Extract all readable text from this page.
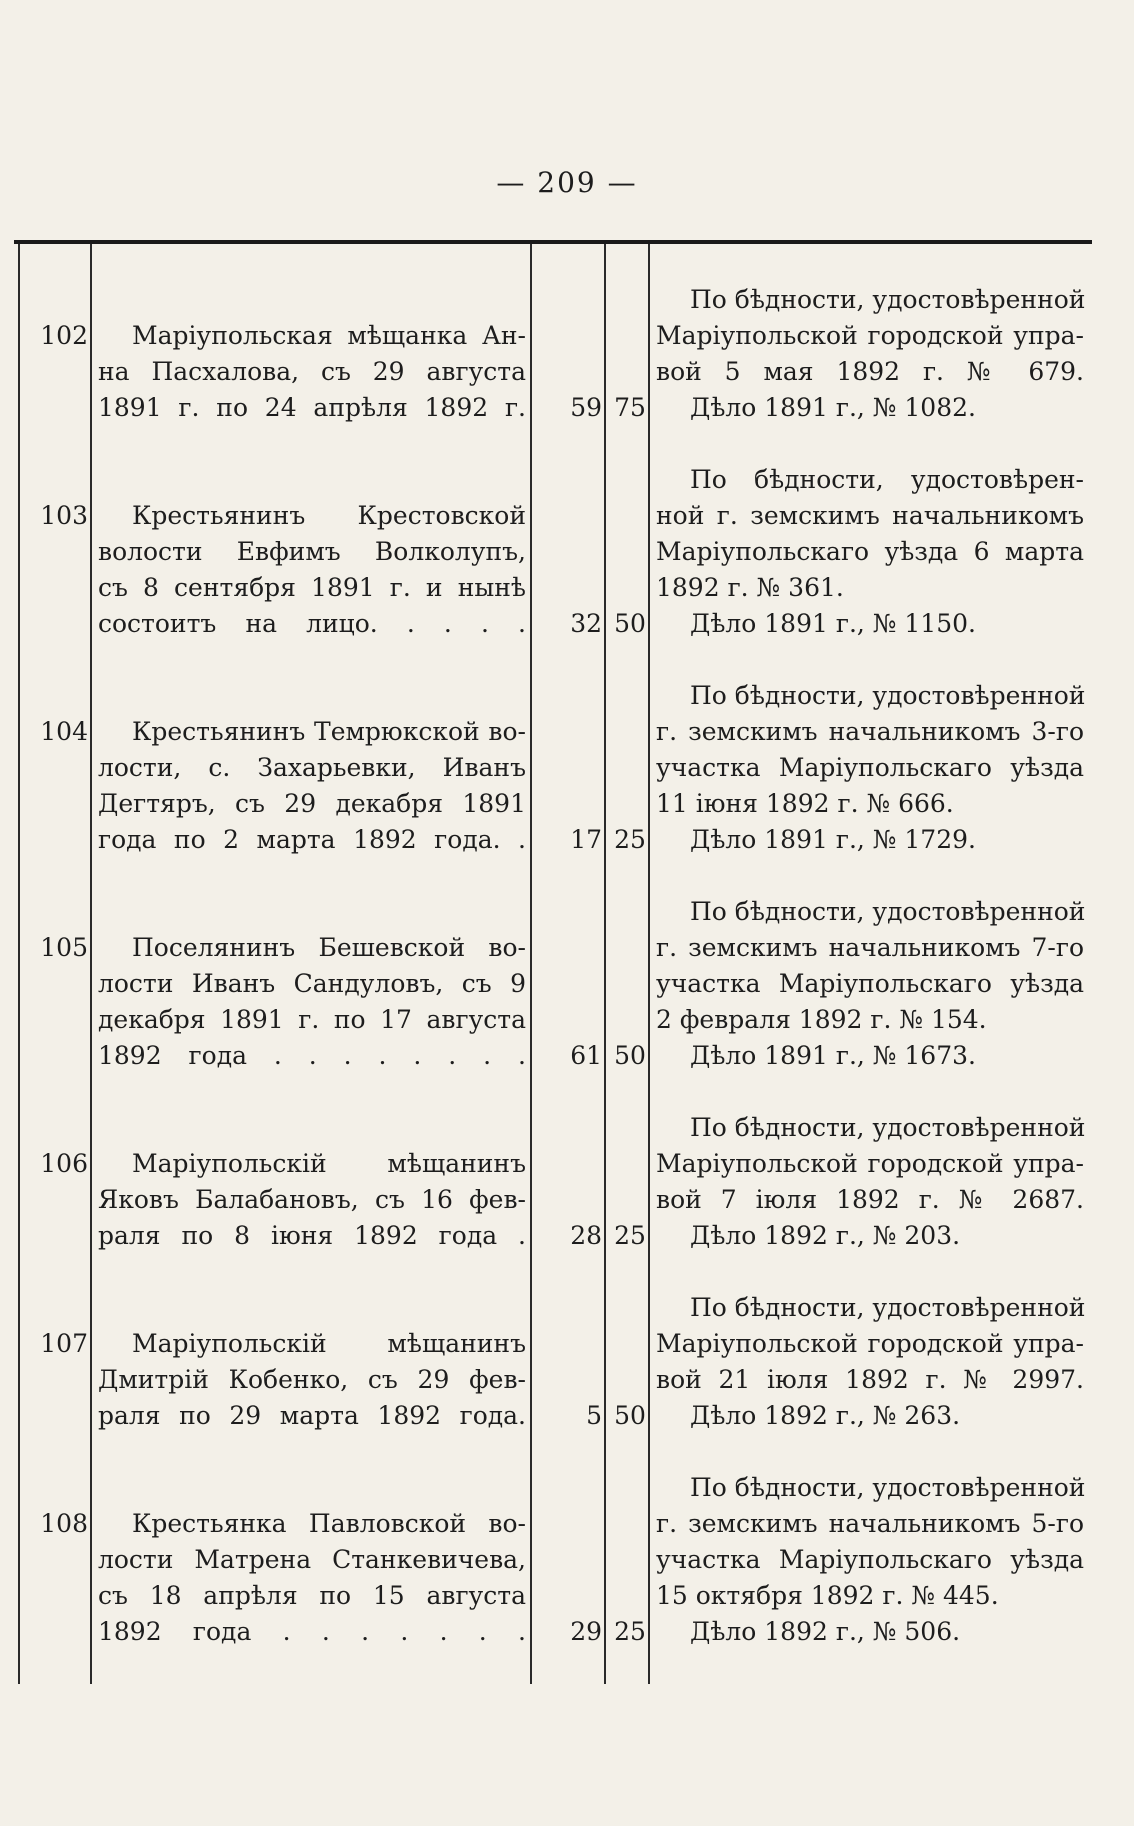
— 209 —
102	Маріупольская мѣщанка Ан-
на Пасхалова, съ 29 августа
1891 г. по 24 апрѣля 1892 г.	59 75
По бѣдности, удостовѣренной
Маріупольской городской упра-
вой 5 мая 1892 г. № 679.
Дѣло 1891 г., № 1082.
103	Крестьянинъ Крестовской
волости Евфимъ Волколупъ,
съ 8 сентября 1891 г. и нынѣ
состоитъ на лицо. . . . .	32 50
По бѣдности, удостовѣрен-
ной г. земскимъ начальникомъ
Маріупольскаго уѣзда 6 марта
1892 г. № 361.
Дѣло 1891 г., № 1150.
104	Крестьянинъ Темрюкской во-
лости, с. Захарьевки, Иванъ
Дегтяръ, съ 29 декабря 1891
года по 2 марта 1892 года. .	17 25
По бѣдности, удостовѣренной
г. земскимъ начальникомъ 3-го
участка Маріупольскаго уѣзда
11 іюня 1892 г. № 666.
Дѣло 1891 г., № 1729.
105	Поселянинъ Бешевской во-
лости Иванъ Сандуловъ, съ 9
декабря 1891 г. по 17 августа
1892 года . . . . . . . .	61 50
По бѣдности, удостовѣренной
г. земскимъ начальникомъ 7-го
участка Маріупольскаго уѣзда
2 февраля 1892 г. № 154.
Дѣло 1891 г., № 1673.
106	Маріупольскій мѣщанинъ
Яковъ Балабановъ, съ 16 фев-
раля по 8 іюня 1892 года .	28 25
По бѣдности, удостовѣренной
Маріупольской городской упра-
вой 7 іюля 1892 г. № 2687.
Дѣло 1892 г., № 203.
107	Маріупольскій мѣщанинъ
Дмитрій Кобенко, съ 29 фев-
раля по 29 марта 1892 года.	5 50
По бѣдности, удостовѣренной
Маріупольской городской упра-
вой 21 іюля 1892 г. № 2997.
Дѣло 1892 г., № 263.
108	Крестьянка Павловской во-
лости Матрена Станкевичева,
съ 18 апрѣля по 15 августа
1892 года . . . . . . .	29 25
По бѣдности, удостовѣренной
г. земскимъ начальникомъ 5-го
участка Маріупольскаго уѣзда
15 октября 1892 г. № 445.
Дѣло 1892 г., № 506.
